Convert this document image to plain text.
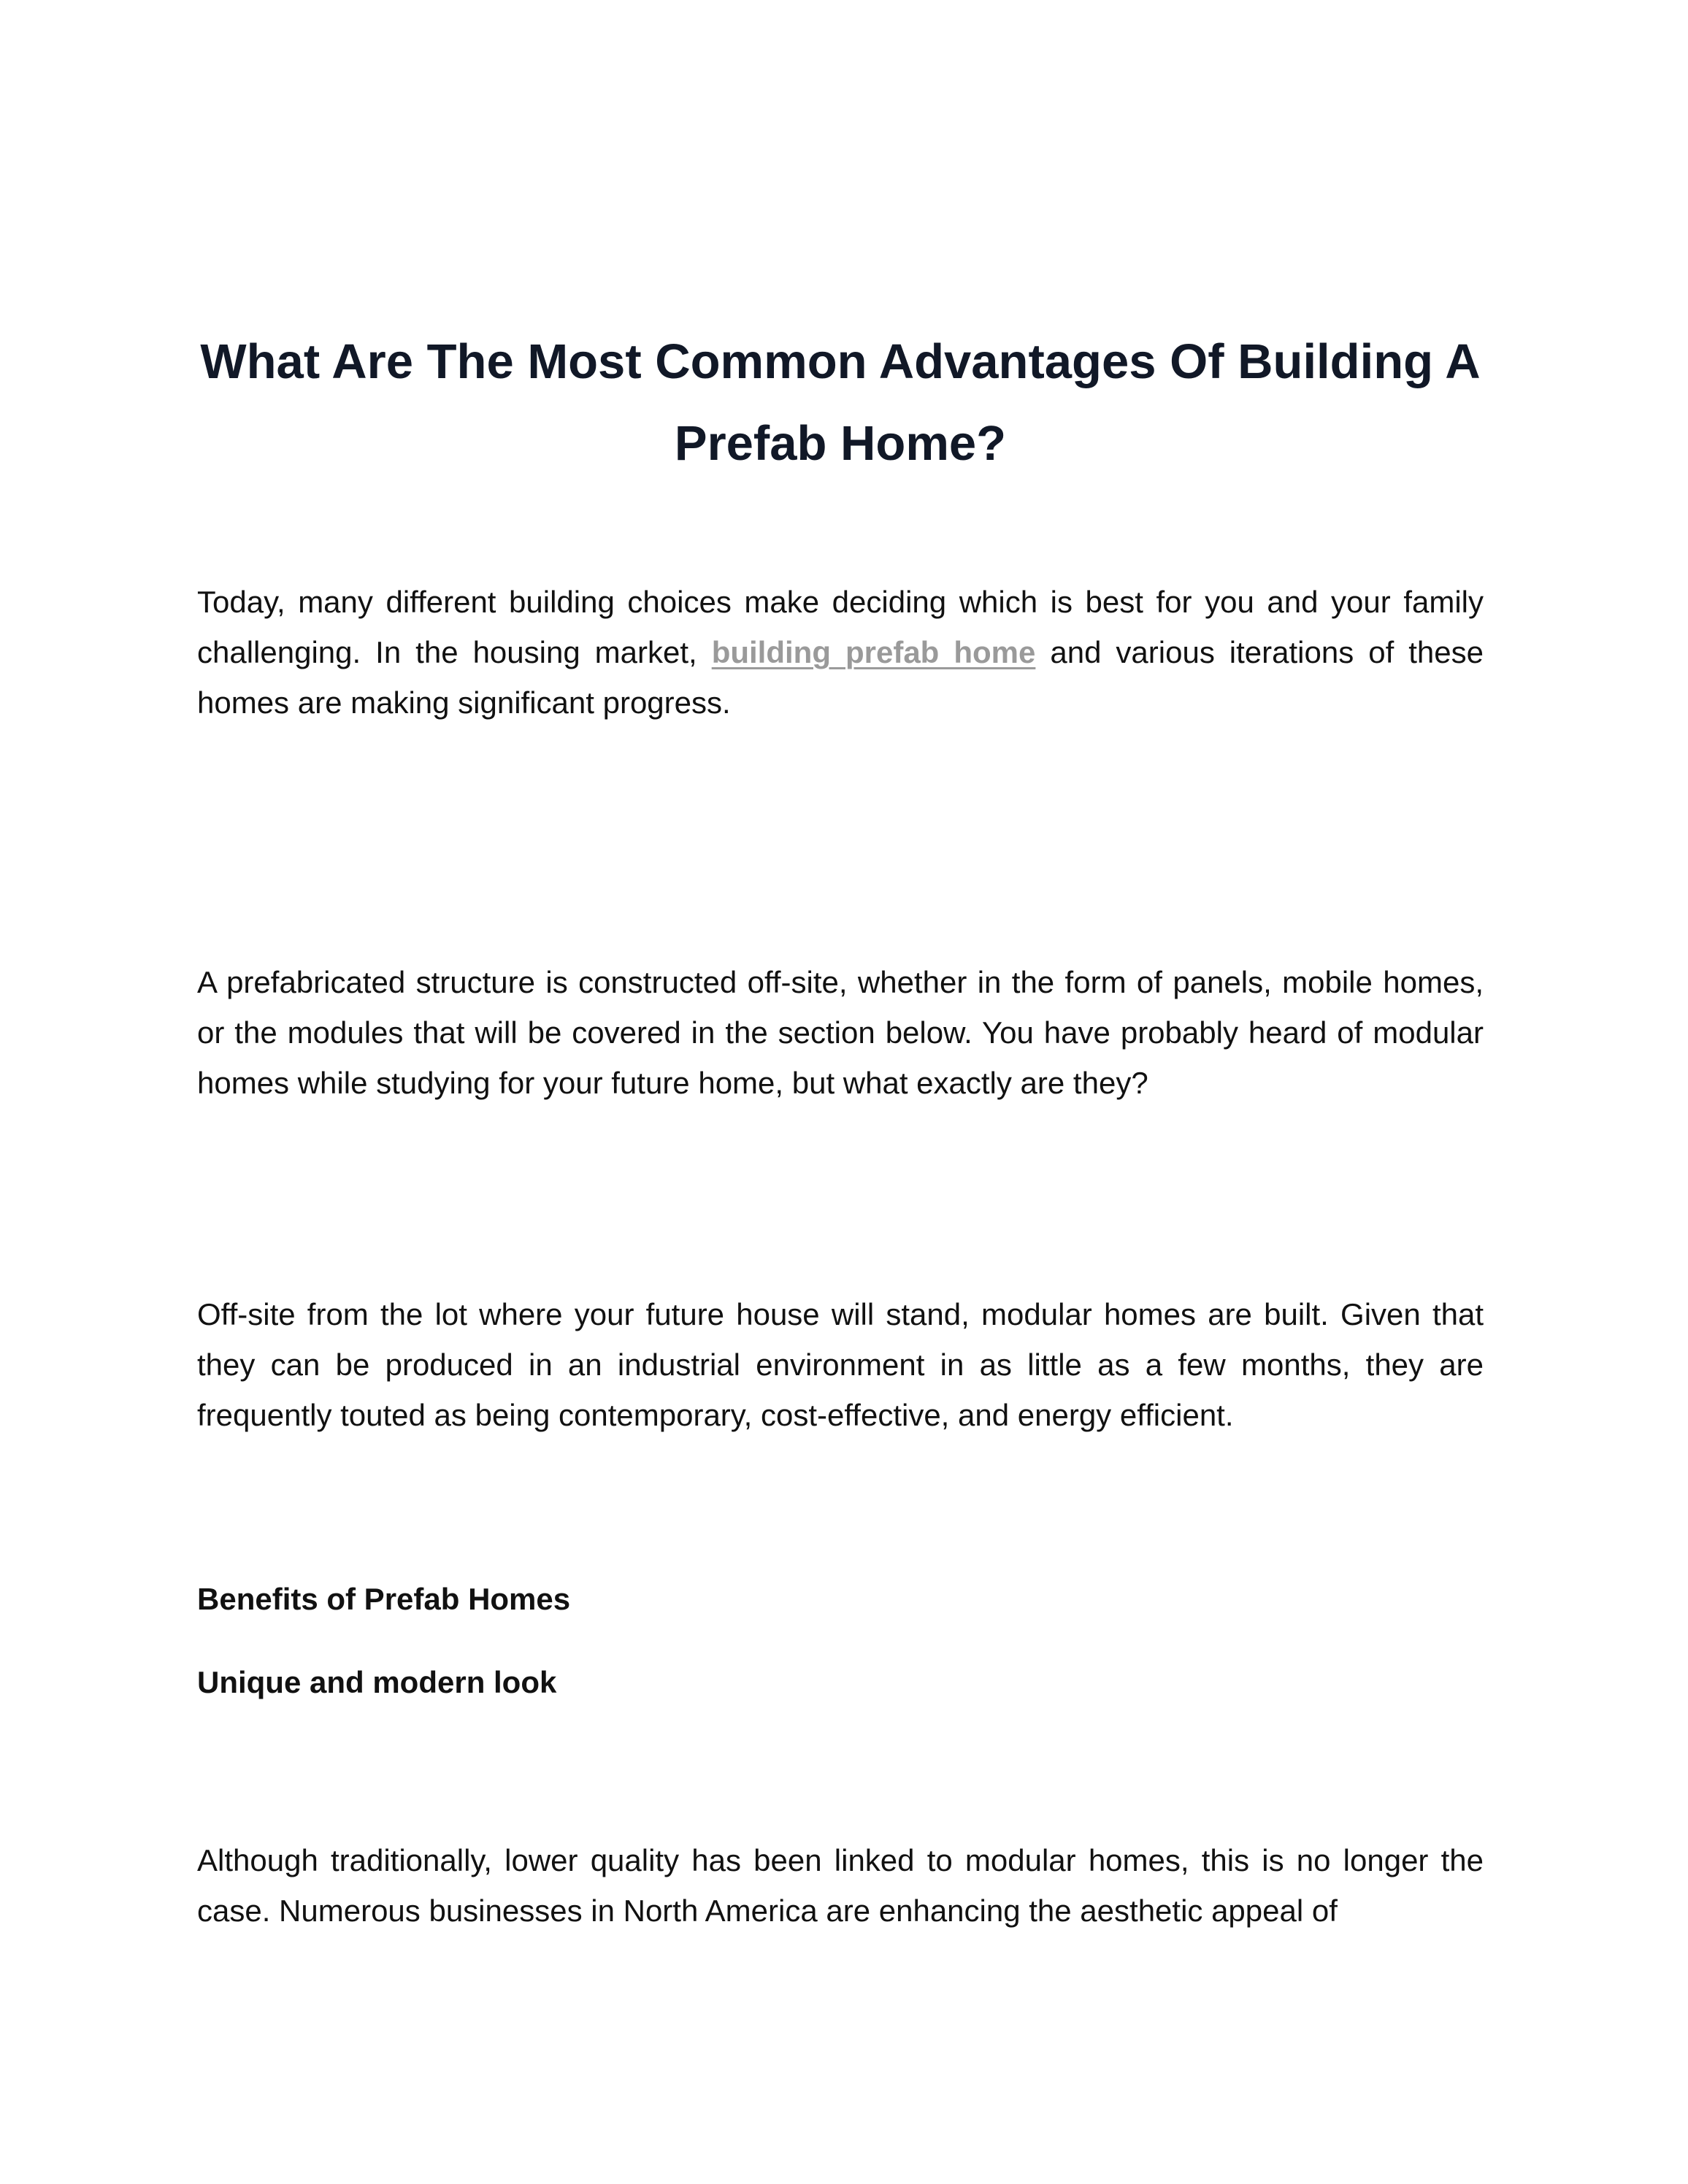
What Are The Most Common Advantages Of Building A Prefab Home?

Today, many different building choices make deciding which is best for you and your family challenging. In the housing market, building prefab home and various iterations of these homes are making significant progress.

A prefabricated structure is constructed off-site, whether in the form of panels, mobile homes, or the modules that will be covered in the section below. You have probably heard of modular homes while studying for your future home, but what exactly are they?

Off-site from the lot where your future house will stand, modular homes are built. Given that they can be produced in an industrial environment in as little as a few months, they are frequently touted as being contemporary, cost-effective, and energy efficient.

Benefits of Prefab Homes
Unique and modern look

Although traditionally, lower quality has been linked to modular homes, this is no longer the case. Numerous businesses in North America are enhancing the aesthetic appeal of
